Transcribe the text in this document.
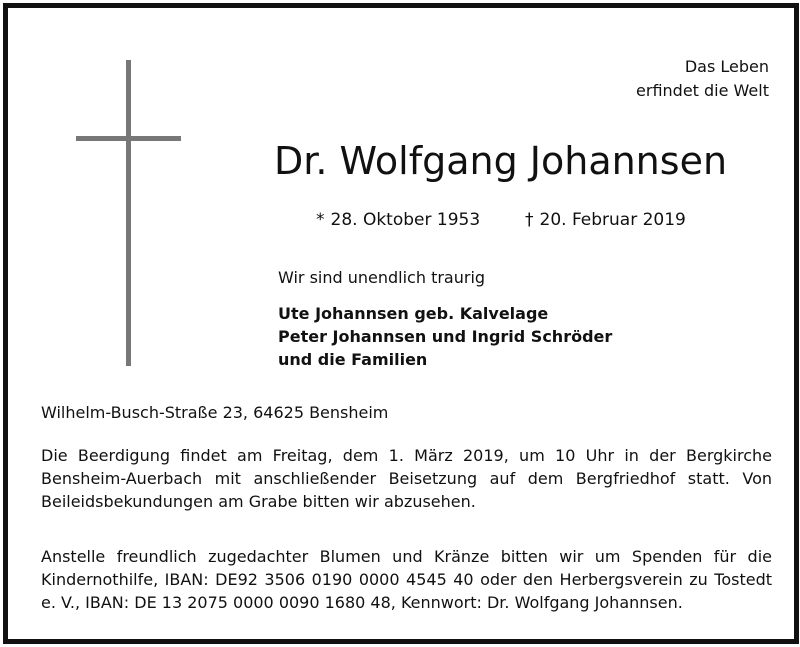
Das Leben
erfindet die Welt
Dr. Wolfgang Johannsen
* 28. Oktober 1953	† 20. Februar 2019
Wir sind unendlich traurig
Ute Johannsen geb. Kalvelage
Peter Johannsen und Ingrid Schröder
und die Familien
Wilhelm-Busch-Straße 23, 64625 Bensheim
Die Beerdigung findet am Freitag, dem 1. März 2019, um 10 Uhr in der Bergkirche Bensheim-Auerbach mit anschließender Beisetzung auf dem Bergfriedhof statt. Von Beileidsbekundungen am Grabe bitten wir abzusehen.
Anstelle freundlich zugedachter Blumen und Kränze bitten wir um Spenden für die Kindernothilfe, IBAN: DE92 3506 0190 0000 4545 40 oder den Herbergsverein zu Tostedt e. V., IBAN: DE 13 2075 0000 0090 1680 48, Kennwort: Dr. Wolfgang Johannsen.
